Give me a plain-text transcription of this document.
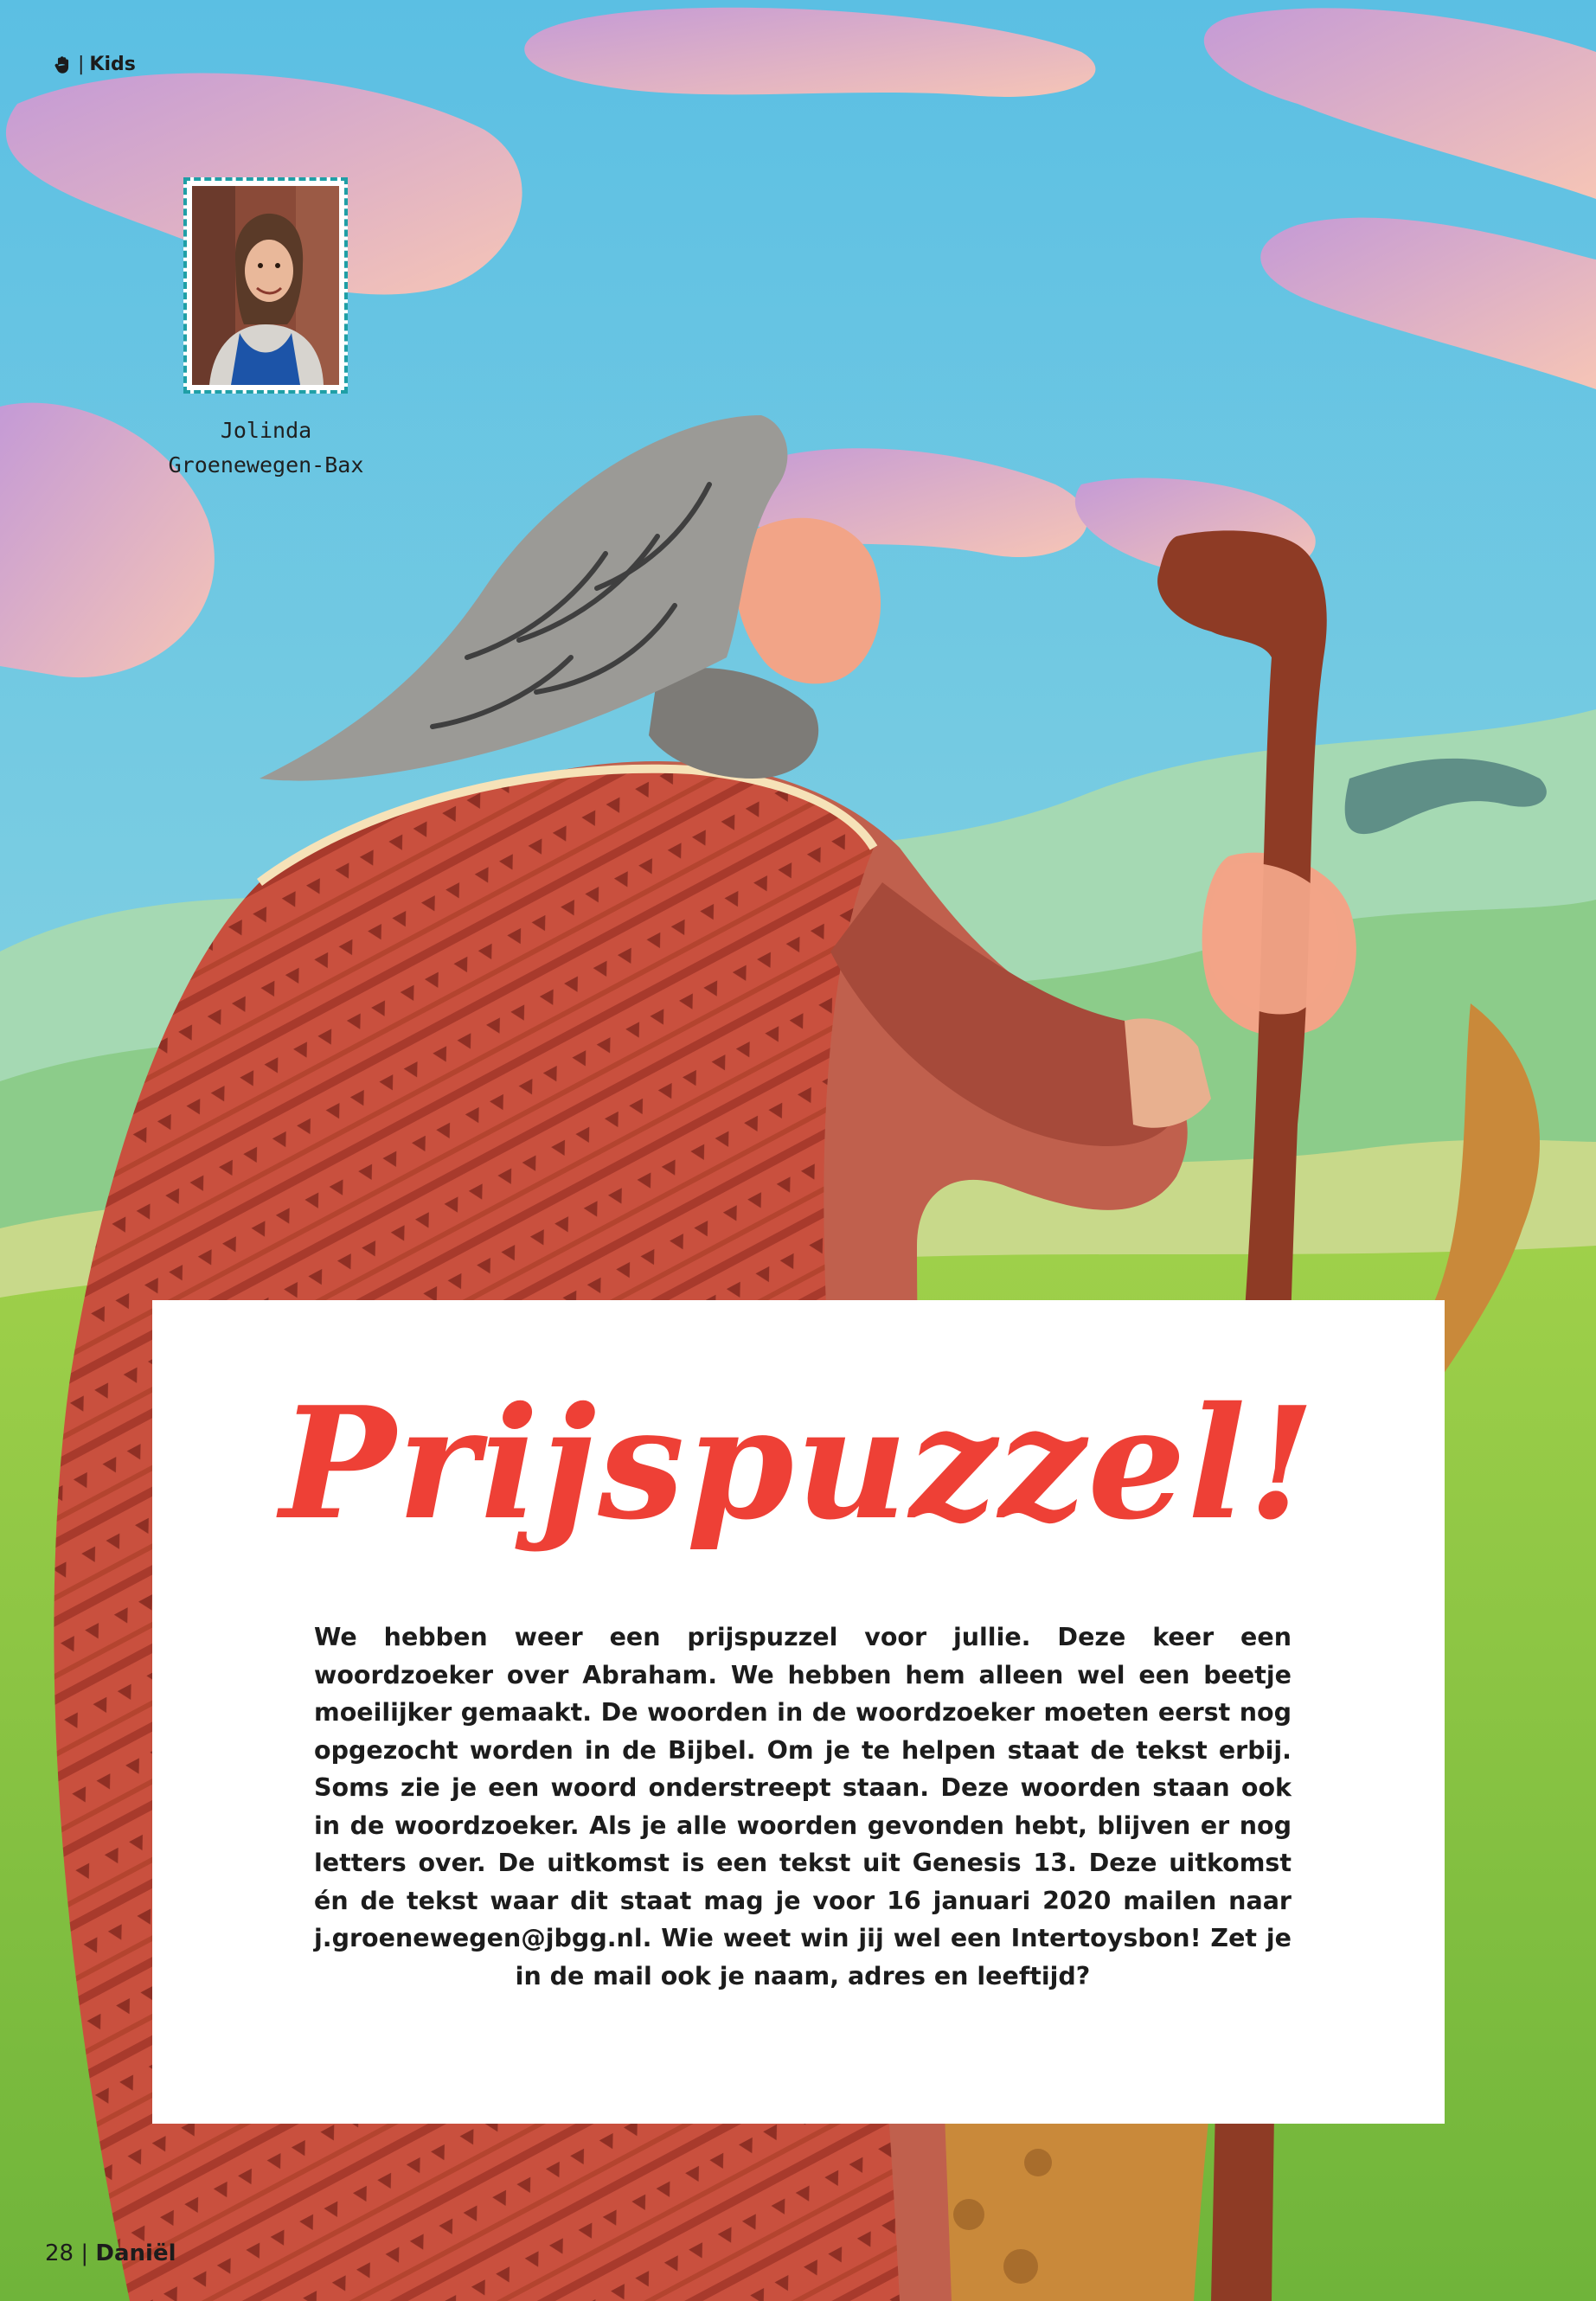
| Kids
Jolinda
Groenewegen-Bax
Prijspuzzel!

We hebben weer een prijspuzzel voor jullie. Deze keer een woordzoeker over Abraham. We hebben hem alleen wel een beetje moeilijker gemaakt. De woorden in de woordzoeker moeten eerst nog opgezocht worden in de Bijbel. Om je te helpen staat de tekst erbij. Soms zie je een woord onderstreept staan. Deze woorden staan ook in de woordzoeker. Als je alle woorden gevonden hebt, blijven er nog letters over. De uitkomst is een tekst uit Genesis 13. Deze uitkomst én de tekst waar dit staat mag je voor 16 januari 2020 mailen naar j.groenewegen@jbgg.nl. Wie weet win jij wel een Intertoysbon! Zet je in de mail ook je naam, adres en leeftijd?

28 | Daniël
